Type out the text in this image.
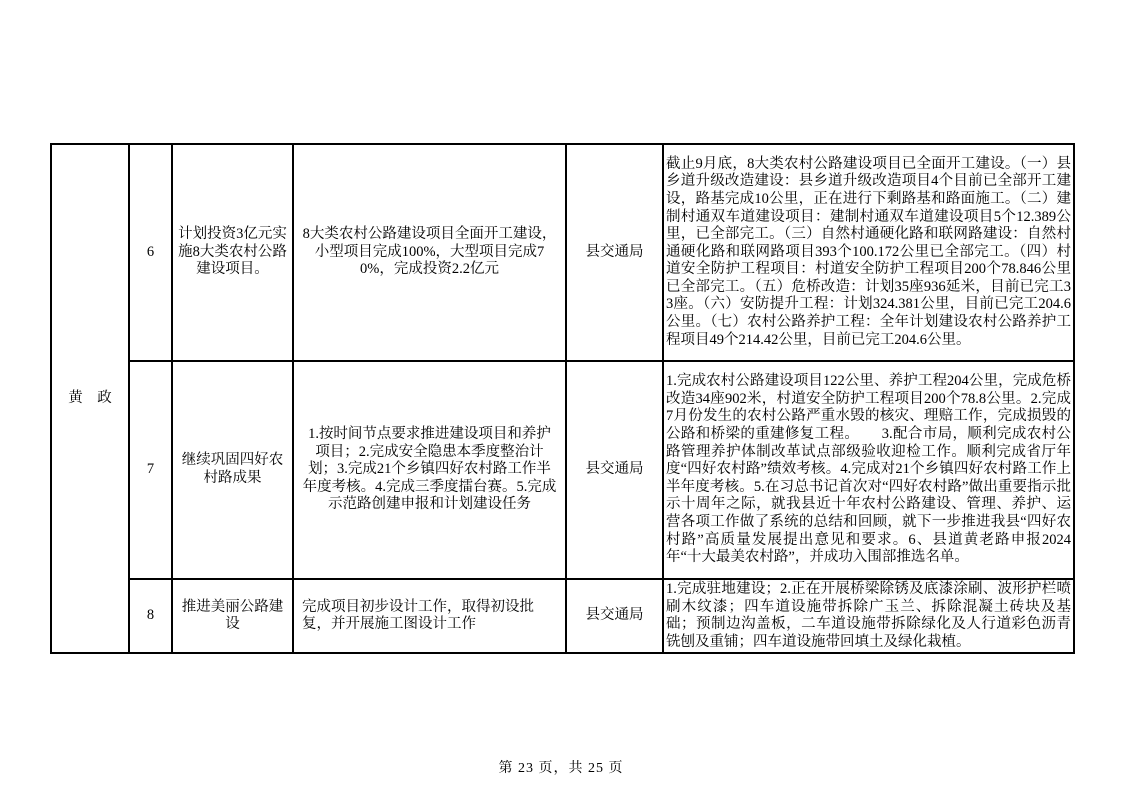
黄　政	6	计划投资3亿元实施8大类农村公路建设项目。	8大类农村公路建设项目全面开工建设，小型项目完成100%，大型项目完成70%，完成投资2.2亿元	县交通局	截止9月底，8大类农村公路建设项目已全面开工建设。（一）县乡道升级改造建设：县乡道升级改造项目4个目前已全部开工建设，路基完成10公里，正在进行下剩路基和路面施工。（二）建制村通双车道建设项目：建制村通双车道建设项目5个12.389公里，已全部完工。（三）自然村通硬化路和联网路建设：自然村通硬化路和联网路项目393个100.172公里已全部完工。（四）村道安全防护工程项目：村道安全防护工程项目200个78.846公里已全部完工。（五）危桥改造：计划35座936延米，目前已完工33座。（六）安防提升工程：计划324.381公里，目前已完工204.6公里。（七）农村公路养护工程：全年计划建设农村公路养护工程项目49个214.42公里，目前已完工204.6公里。
	7	继续巩固四好农村路成果	1.按时间节点要求推进建设项目和养护项目；2.完成安全隐患本季度整治计划；3.完成21个乡镇四好农村路工作半年度考核。4.完成三季度擂台赛。5.完成示范路创建申报和计划建设任务	县交通局	1.完成农村公路建设项目122公里、养护工程204公里，完成危桥改造34座902米，村道安全防护工程项目200个78.8公里。2.完成7月份发生的农村公路严重水毁的核灾、理赔工作，完成损毁的公路和桥梁的重建修复工程。　　3.配合市局，顺利完成农村公路管理养护体制改革试点部级验收迎检工作。顺利完成省厅年度“四好农村路”绩效考核。4.完成对21个乡镇四好农村路工作上半年度考核。5.在习总书记首次对“四好农村路”做出重要指示批示十周年之际，就我县近十年农村公路建设、管理、养护、运营各项工作做了系统的总结和回顾，就下一步推进我县“四好农村路”高质量发展提出意见和要求。6、县道黄老路申报2024年“十大最美农村路”，并成功入围部推选名单。
	8	推进美丽公路建设	完成项目初步设计工作，取得初设批复，并开展施工图设计工作	县交通局	1.完成驻地建设；2.正在开展桥梁除锈及底漆涂刷、波形护栏喷刷木纹漆；四车道设施带拆除广玉兰、拆除混凝土砖块及基础；预制边沟盖板，二车道设施带拆除绿化及人行道彩色沥青铣刨及重铺；四车道设施带回填土及绿化栽植。
第 23 页，共 25 页
